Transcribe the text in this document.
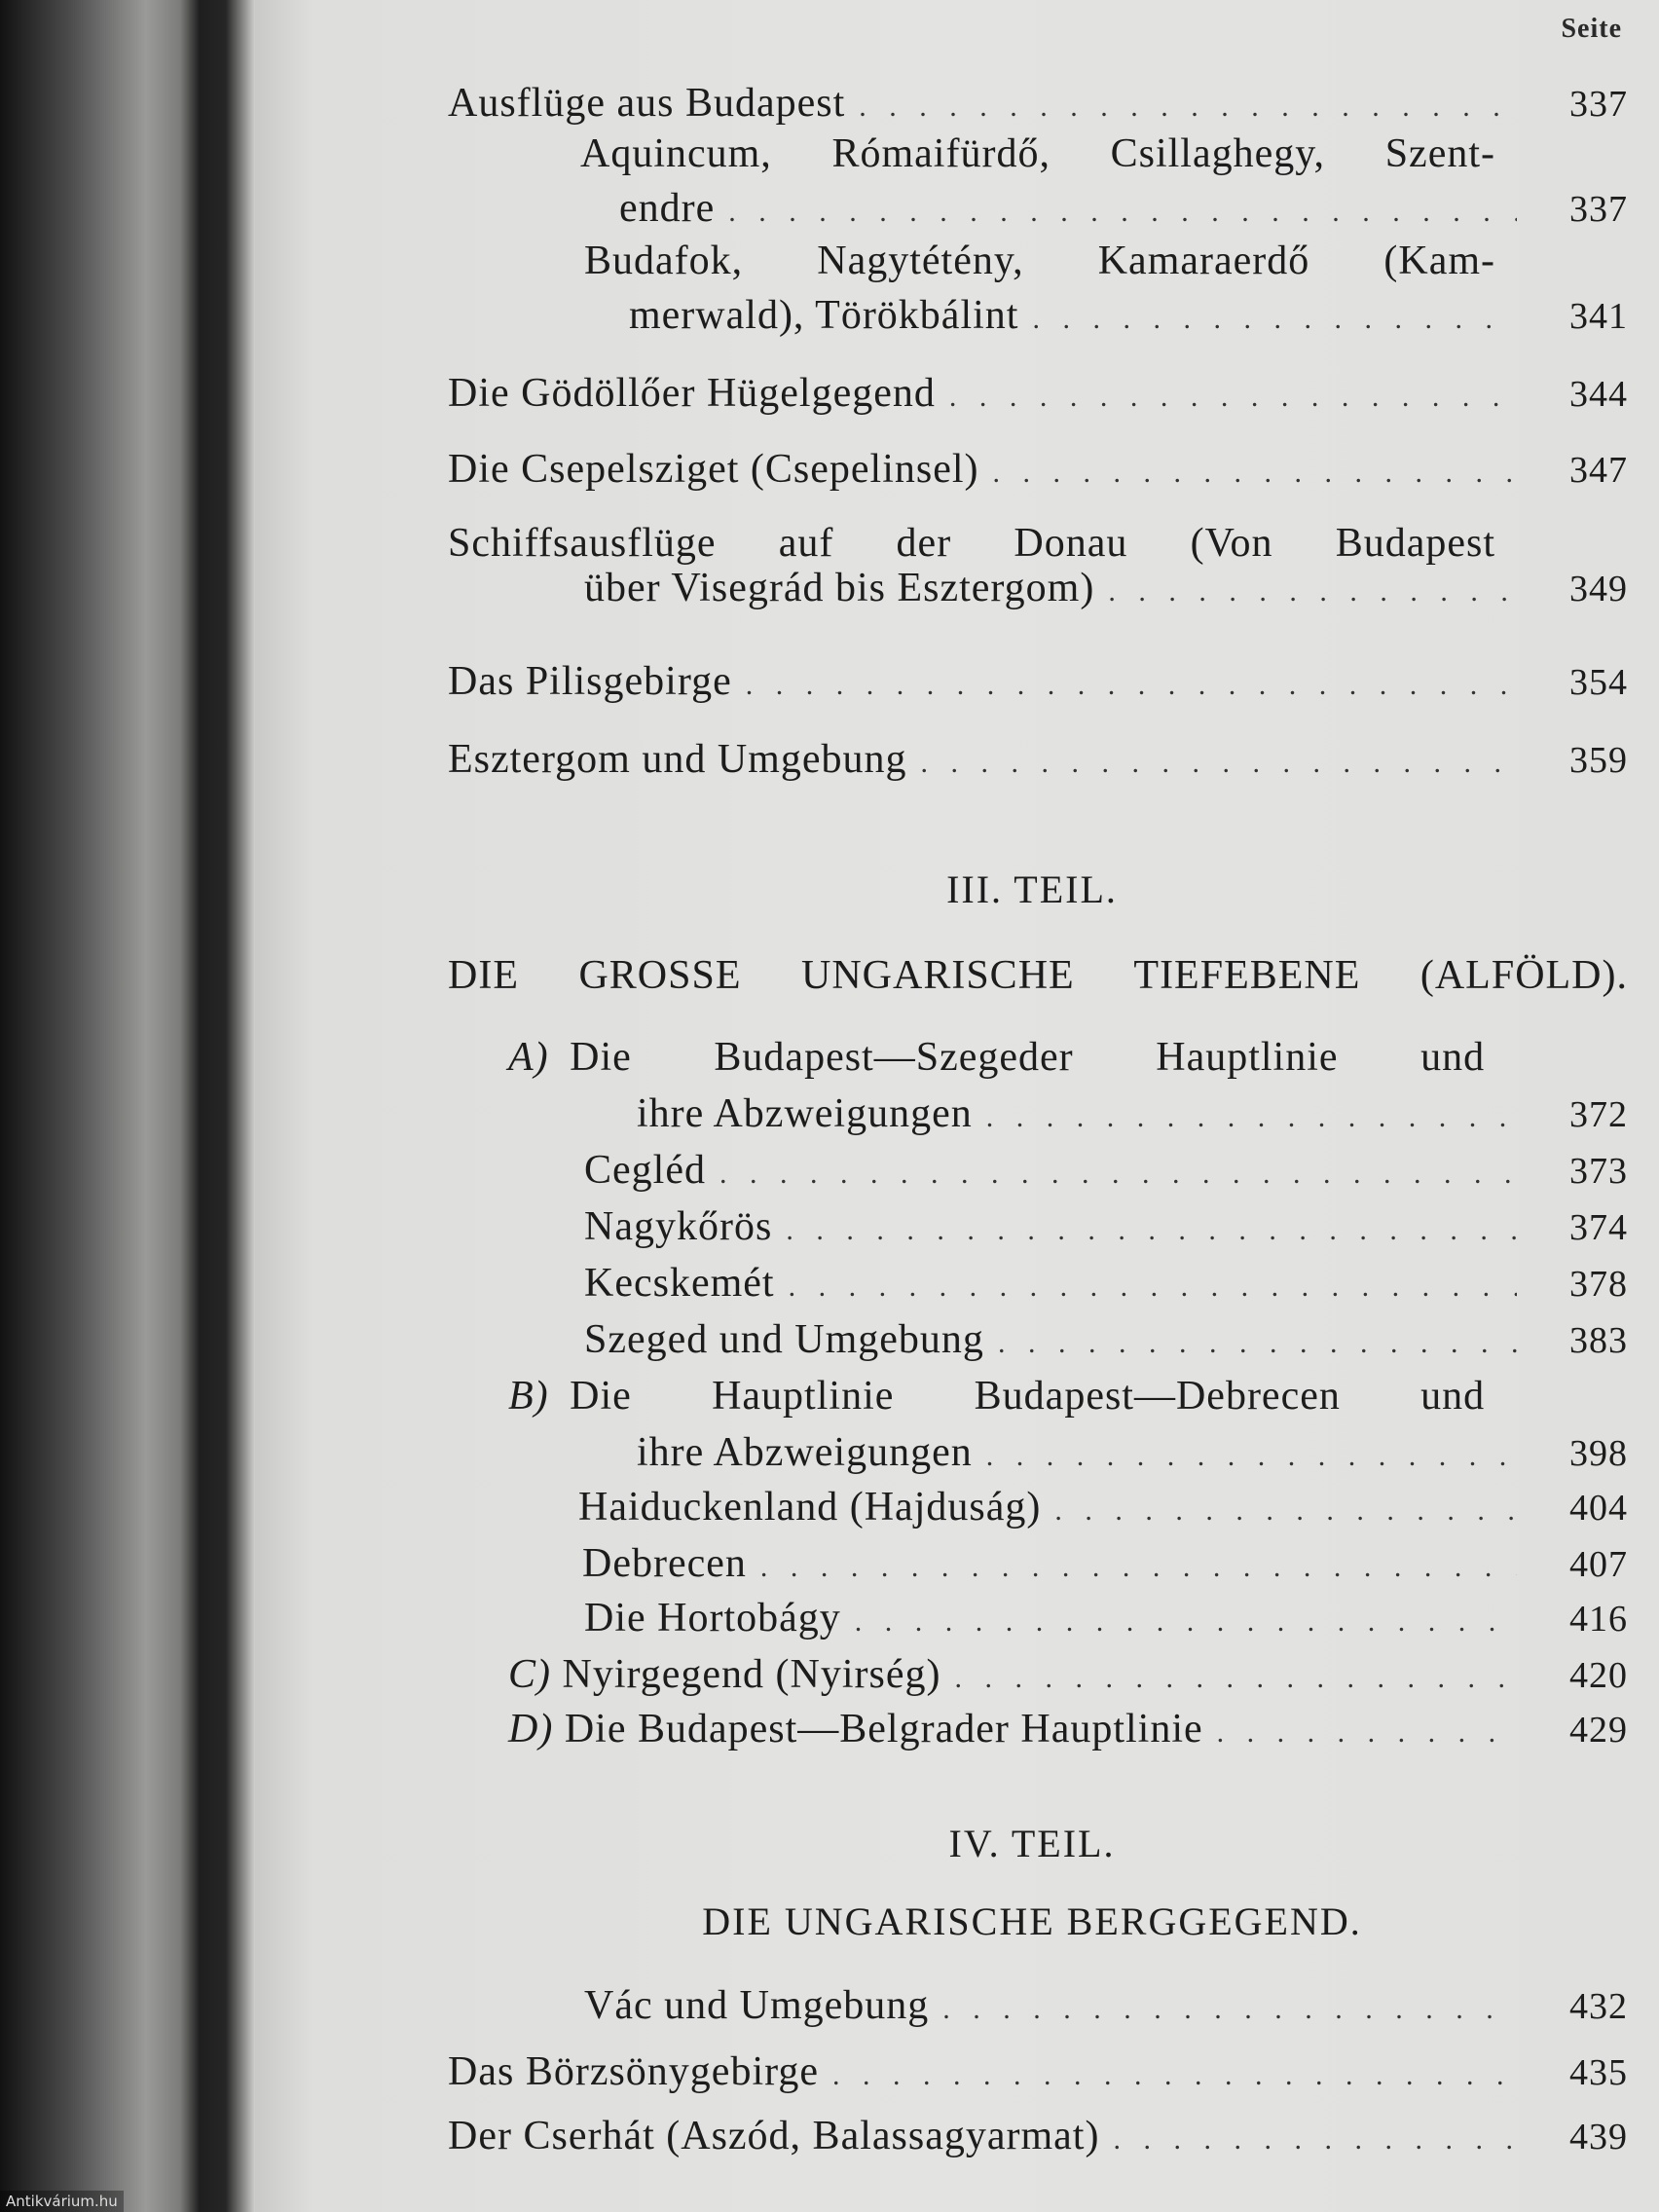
Seite
Ausflüge aus Budapest . . .	337
Aquincum, Rómaifürdő, Csillaghegy, Szent-
endre . . .	337
Budafok, Nagytétény, Kamaraerdő (Kam-
merwald), Törökbálint . . .	341
Die Gödöllőer Hügelgegend . . .	344
Die Csepelsziget (Csepelinsel) . . .	347
Schiffsausflüge auf der Donau (Von Budapest
über Visegrád bis Esztergom) . . .	349
Das Pilisgebirge . . .	354
Esztergom und Umgebung . . .	359
III. TEIL.
DIE GROSSE UNGARISCHE TIEFEBENE (ALFÖLD).
A) Die Budapest—Szegeder Hauptlinie und
ihre Abzweigungen . . .	372
Cegléd . . .	373
Nagykőrös . . .	374
Kecskemét . . .	378
Szeged und Umgebung . . .	383
B) Die Hauptlinie Budapest—Debrecen und
ihre Abzweigungen . . .	398
Haiduckenland (Hajduság) . . .	404
Debrecen . . .	407
Die Hortobágy . . .	416
C) Nyirgegend (Nyirség) . . .	420
D) Die Budapest—Belgrader Hauptlinie . . .	429
IV. TEIL.
DIE UNGARISCHE BERGGEGEND.
Vác und Umgebung . . .	432
Das Börzsönygebirge . . .	435
Der Cserhát (Aszód, Balassagyarmat) . . .	439
Antikvárium.hu
